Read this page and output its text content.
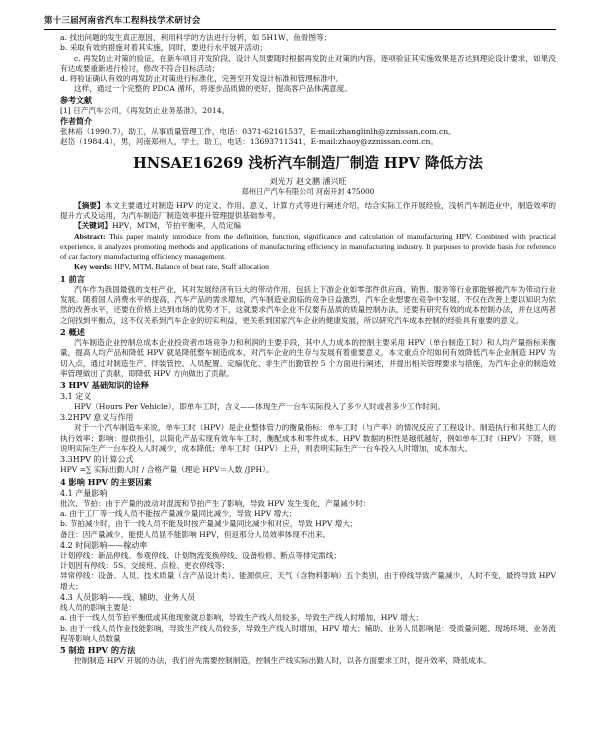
第十三届河南省汽车工程科技学术研讨会

a. 找出问题的发生真正原因，利用科学的方法进行分析，如 5H1W、鱼骨图等；

b. 采取有效的措施对着其实施，同时，要进行水平展开活动；

c. 再发防止对策的验证，在新车项目开发阶段、设计人员要随时根据再发防止对策的内容，逐项验证其实施效果是否达到理论设计要求，如果没有达成要重新进行检讨，修改不符合目标活动；

d. 将验证确认有效的再发防止对策进行标准化，完善至开发设计标准和管理标准中。

这样，通过一个完整的 PDCA 循环，将逐步品质做的更好，提高客户品体满意度。

参考文献

[1] 日产汽车公司，《再发防止业务基准》，2014。

作者简介

张林裕（1990.7），助工，从事质量管理工作，电话：0371-62161537，E-mail:zhanglinlh@zznissan.com.cn。

赵岱（1984.4），男，河南郑州人，学士，助工，电话：13693711341，E-mail:zhaoy@zznissan.com.cn。

HNSAE16269 浅析汽车制造厂制造 HPV 降低方法
刘光万 赵文鹏 潘兴旺
郑州日产汽车有限公司 河南开封 475000

【摘要】本文主要通过对制造 HPV 的定义、作用、意义、计算方式等进行阐述介绍，结合实际工作开展经验，浅析汽车制造业中，制造效率的提升方式及运用，为汽车制造厂制造效率提升管理提供基础参考。

【关键词】HPV，MTM，节拍平衡率，人员定编

Abstract: This paper mainly introduce from the definition, function, significance and calculation of manufacturing HPV. Combined with practical experience, it analyzes promoting methods and applications of manufacturing efficiency in manufacturing industry. It purposes to provide basis for reference of car factory manufacturing efficiency management.

Key words: HPV, MTM, Balance of beat rate, Staff allocation

1 前言

汽车作为我国最强的支柱产业，其对发展经济有巨大的带动作用，包括上下游企业如零部件供应商、销售、服务等行业都能够被汽车为带动行业发展。随着国人消费水平的提高，汽车产品的需求增加，汽车制造业面临的竞争日益激烈，汽车企业想要在竞争中发展、不仅在改善上要以知识为依然的改善水平，还要在价格上达到市场的优势才下，这就要求汽车企业不仅要有品质的质量控制办法，还要有研究有效的成本控制办法，并在这两者之间找到平衡点，这不仅关系到汽车企业的切实利益，更关系到国家汽车企业的健康发展，所以研究汽车成本控制的经验具有重要的意义。

2 概述

汽车制造企业控制总成本企业投资者市场竞争力和利润的主要手段，其中人力成本的控制主要采用 HPV（单台制造工时）和人均产量指标来衡量，提高人均产品和降低 HPV 就是降低整车制造成本，对汽车企业的生存与发展有着重要意义，本文重点介绍如何有效降低汽车企业制造 HPV 为切入点，通过对制造生产、拌装管控、人员配置、定编优化、非生产出勤管控 5 个方面进行阐述，并提出相关管理要求与措施，为汽车企业的制造效率管理做出了贡献，即降低 HPV 方向做出了贡献。

3 HPV 基础知识的诠释
3.1 定义

HPV（Hours Per Vehicle），即单车工时，含义——体现生产一台车实际投入了多少人时或者多少工作时间。

3.2HPV 意义与作用

对于一个汽车制造车来说，单车工时（HPV）是企业整体管力的衡量指标：单车工时（与产率）的情况反应了工程设计、制造执行和其他工人的执行效率；影响：提供指引，以简化产品实现有效车车工时，衡配成本和零件成本。HPV 数据的积性是越低越好，例如单车工时（HPV）下降，则说明实际生产一台车投入人时减少，成本降低；单车工时（HPV）上升，则表明实际生产一台车投入人时增加，成本加大。

3.3HPV 的计算公式

HPV =∑ 实际出勤人时 / 合格产量（理论 HPV＝人数 /JPH）。

4 影响 HPV 的主要因素
4.1 产量影响

批次、节拍：由于产量的波动对混流和节拍产生了影响，导致 HPV 发生变化，产量减少时：

a. 由于工厂等一线人员不能按产量减少量同比减少，导致 HPV 增大；

b. 节拍减少时，由于一线人员不能及时按产量减少量同比减少和对应，导致 HPV 增大；

备注：因产量减少，能使人员显不能影响 HPV，但返那分人员效率体现不出来。

4.2 时间影响——稼动率

计划停线：新品停线、参观停线、计划物流变换停线、设备检修、断点等排定需线；

计划因有停线：5S、交接班、点检、更衣停线等；

异常停线：设备、人员、技术质量（含产品设计类）、能源供应、天气（含物料影响）五个类别，由于停线导致产量减少，人时不变，最终导致 HPV 增大；

4.3 人员影响——线、辅助、业务人员

线人员的影响主要是：

a. 由于一线人员节拍平衡低或其他现象就总影响，导致生产线人员较多，导致生产线人时增加，HPV 增大；

b. 由于一线人员作业技能影响，导致生产线人员较多，导致生产线人时增加，HPV 增大；辅助、业务人员影响是：受质量问题、现场环境、业务流程等影响人员数量

5 制造 HPV 的方法

控制制造 HPV 开展的办法，我们首先需要控制制造，控制生产线实际出勤人时，以各方面要求工时，提升效率，降低成本。
